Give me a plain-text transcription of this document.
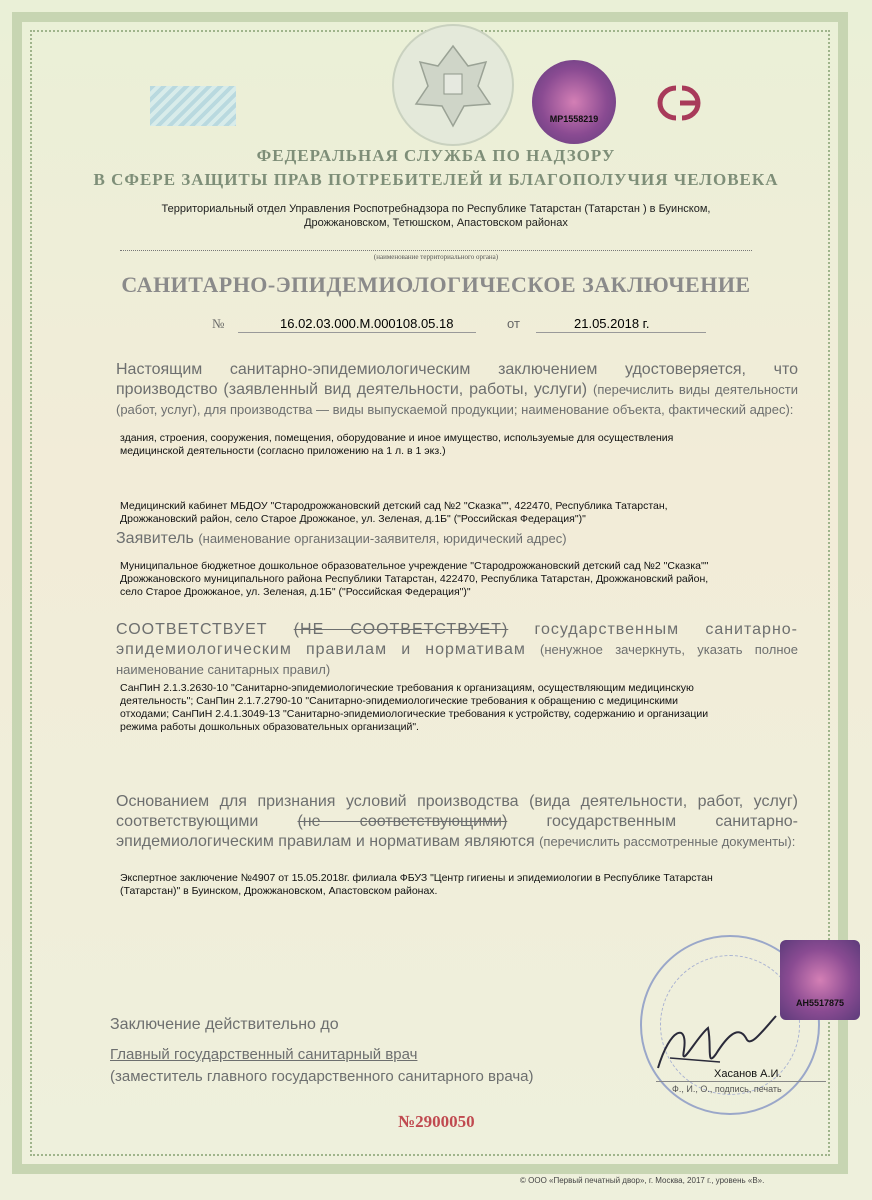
МР1558219
ФЕДЕРАЛЬНАЯ СЛУЖБА ПО НАДЗОРУ
В СФЕРЕ ЗАЩИТЫ ПРАВ ПОТРЕБИТЕЛЕЙ И БЛАГОПОЛУЧИЯ ЧЕЛОВЕКА
Территориальный отдел Управления Роспотребнадзора по Республике Татарстан (Татарстан ) в Буинском,
Дрожжановском, Тетюшском, Апастовском районах
(наименование территориального органа)
САНИТАРНО-ЭПИДЕМИОЛОГИЧЕСКОЕ ЗАКЛЮЧЕНИЕ
№	16.02.03.000.М.000108.05.18	от	21.05.2018 г.
Настоящим санитарно-эпидемиологическим заключением удостоверяется, что производство (заявленный вид деятельности, работы, услуги) (перечислить виды деятельности (работ, услуг), для производства — виды выпускаемой продукции; наименование объекта, фактический адрес):
здания, строения, сооружения, помещения, оборудование и иное имущество, используемые для осуществления
медицинской деятельности (согласно приложению на 1 л. в 1 экз.)
Медицинский кабинет МБДОУ "Стародрожжановский детский сад №2 "Сказка"", 422470, Республика Татарстан,
Дрожжановский район, село Старое Дрожжаное, ул. Зеленая, д.1Б" ("Российская Федерация")"
Заявитель (наименование организации-заявителя, юридический адрес)
Муниципальное бюджетное дошкольное образовательное учреждение "Стародрожжановский детский сад №2 "Сказка""
Дрожжановского муниципального района Республики Татарстан, 422470, Республика Татарстан, Дрожжановский район,
село Старое Дрожжаное, ул. Зеленая, д.1Б" ("Российская Федерация")"
СООТВЕТСТВУЕТ (НЕ СООТВЕТСТВУЕТ) государственным санитарно- эпидемиологическим правилам и нормативам (ненужное зачеркнуть, указать полное наименование санитарных правил)
СанПиН 2.1.3.2630-10 "Санитарно-эпидемиологические требования к организациям, осуществляющим медицинскую
деятельность"; СанПин 2.1.7.2790-10 "Санитарно-эпидемиологические требования к обращению с медицинскими
отходами; СанПиН 2.4.1.3049-13 "Санитарно-эпидемиологические требования к устройству, содержанию и организации
режима работы дошкольных образовательных организаций".
Основанием для признания условий производства (вида деятельности, работ, услуг) соответствующими (не соответствующими) государственным санитарно-эпидемиологическим правилам и нормативам являются (перечислить рассмотренные документы):
Экспертное заключение №4907 от 15.05.2018г. филиала ФБУЗ "Центр гигиены и эпидемиологии в Республике Татарстан
(Татарстан)" в Буинском, Дрожжановском, Апастовском районах.
Заключение действительно до
Главный государственный санитарный врач
(заместитель главного государственного санитарного врача)	Хасанов А.И.
Ф., И., О., подпись, печать
АН5517875
№2900050
© ООО «Первый печатный двор», г. Москва, 2017 г., уровень «В».
